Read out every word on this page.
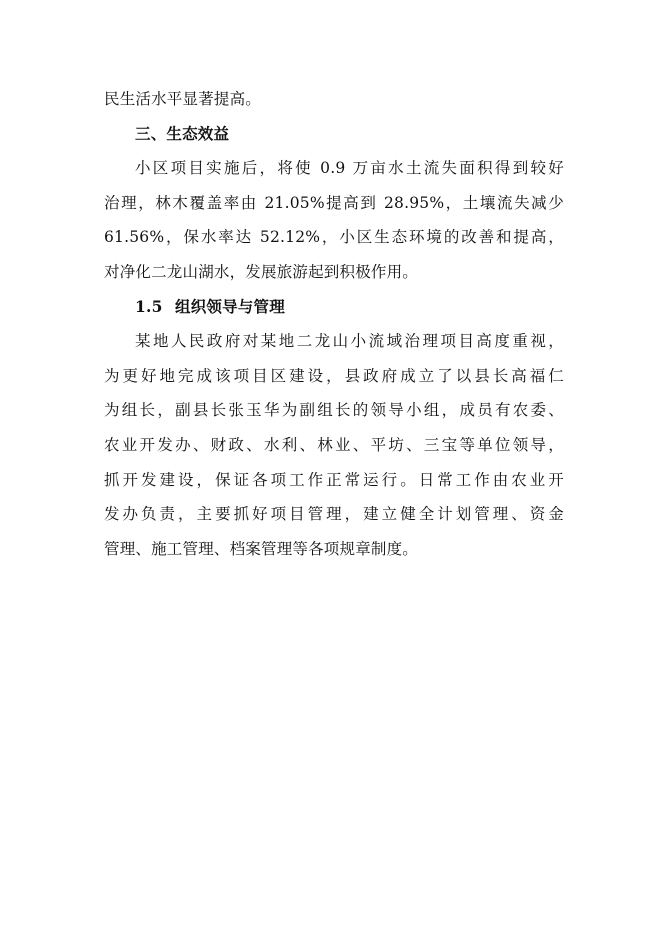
民生活水平显著提高。
三、生态效益
小区项目实施后，将使 0.9 万亩水土流失面积得到较好
治理，林木覆盖率由 21.05%提高到 28.95%，土壤流失减少
61.56%，保水率达 52.12%，小区生态环境的改善和提高，
对净化二龙山湖水，发展旅游起到积极作用。
1.5 组织领导与管理
某地人民政府对某地二龙山小流域治理项目高度重视，
为更好地完成该项目区建设，县政府成立了以县长高福仁
为组长，副县长张玉华为副组长的领导小组，成员有农委、
农业开发办、财政、水利、林业、平坊、三宝等单位领导，
抓开发建设，保证各项工作正常运行。日常工作由农业开
发办负责，主要抓好项目管理，建立健全计划管理、资金
管理、施工管理、档案管理等各项规章制度。
